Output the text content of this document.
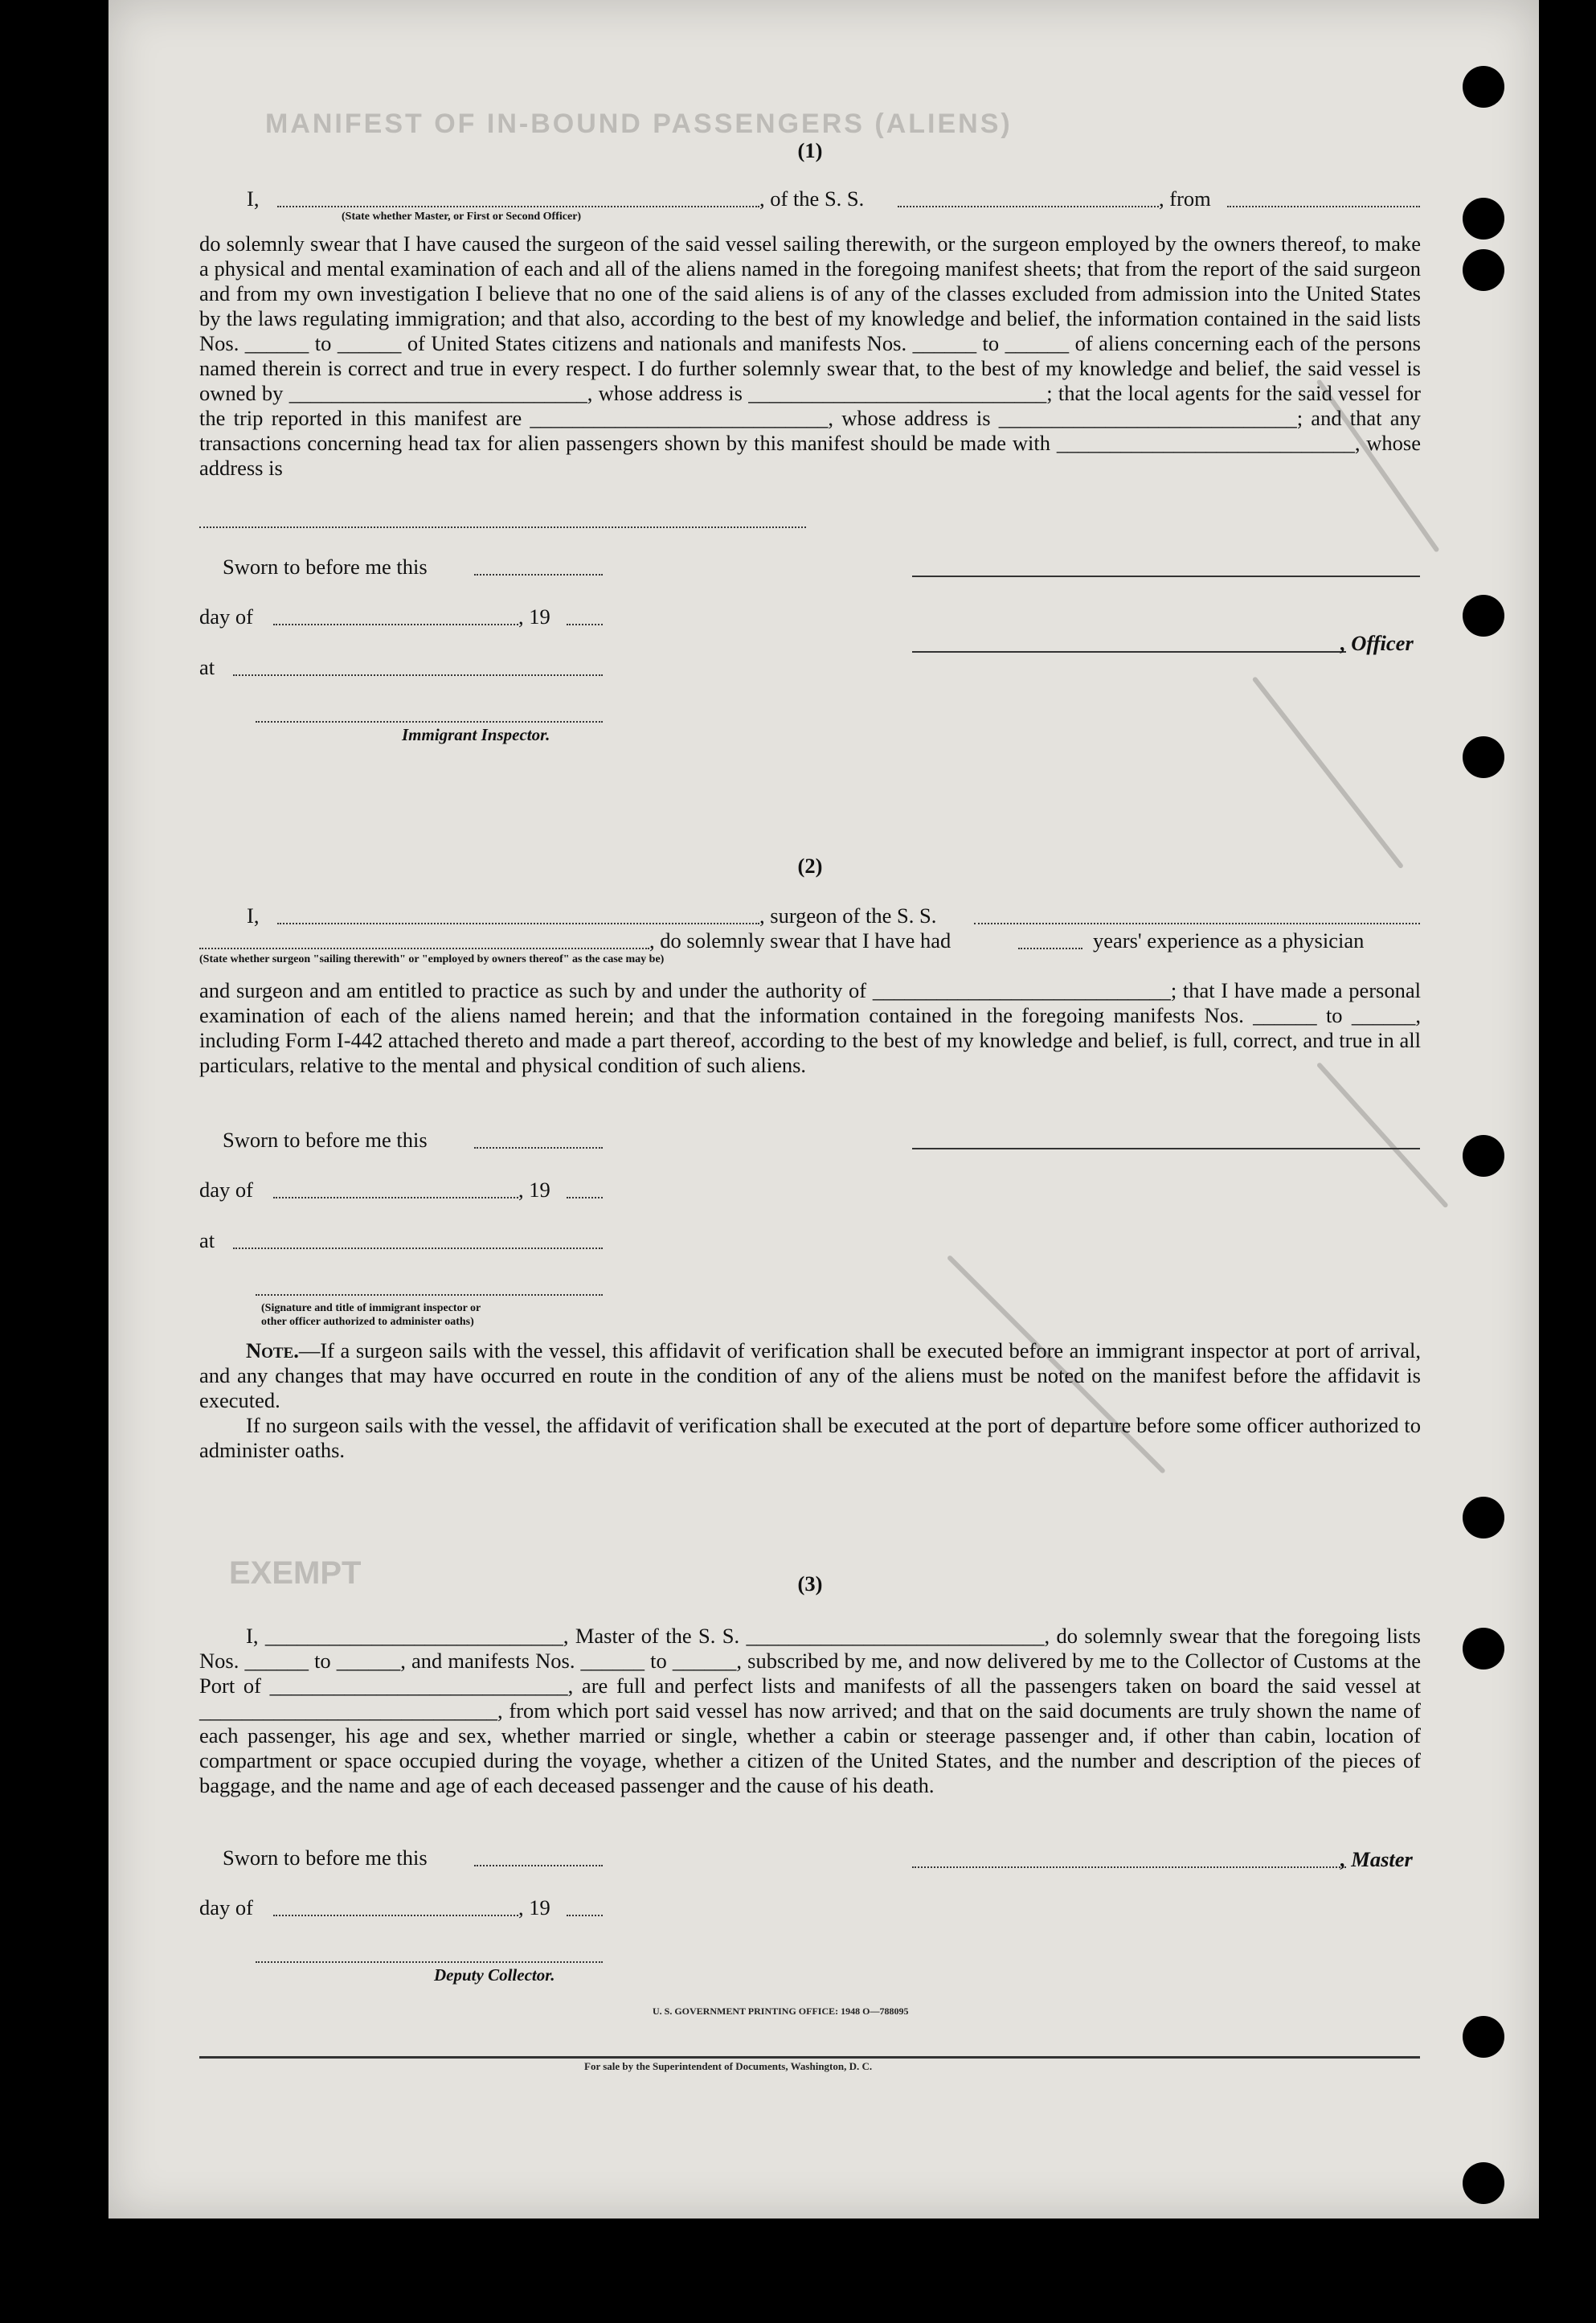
MANIFEST OF IN-BOUND PASSENGERS (ALIENS)
EXEMPT
(1)
I,	, of the S. S.	, from
(State whether Master, or First or Second Officer)
do solemnly swear that I have caused the surgeon of the said vessel sailing therewith, or the surgeon employed by the owners thereof, to make a physical and mental examination of each and all of the aliens named in the foregoing manifest sheets; that from the report of the said surgeon and from my own investigation I believe that no one of the said aliens is of any of the classes excluded from admission into the United States by the laws regulating immigration; and that also, according to the best of my knowledge and belief, the information contained in the said lists Nos. ______ to ______ of United States citizens and nationals and manifests Nos. ______ to ______ of aliens concerning each of the persons named therein is correct and true in every respect. I do further solemnly swear that, to the best of my knowledge and belief, the said vessel is owned by ____________________________, whose address is ____________________________; that the local agents for the said vessel for the trip reported in this manifest are ____________________________, whose address is ____________________________; and that any transactions concerning head tax for alien passengers shown by this manifest should be made with ____________________________, whose address is
Sworn to before me this
day of	, 19
at
Immigrant Inspector.
, Officer
(2)
I,	, surgeon of the S. S.
, do solemnly swear that I have had	years' experience as a physician
(State whether surgeon "sailing therewith" or "employed by owners thereof" as the case may be)
and surgeon and am entitled to practice as such by and under the authority of ____________________________; that I have made a personal examination of each of the aliens named herein; and that the information contained in the foregoing manifests Nos. ______ to ______, including Form I-442 attached thereto and made a part thereof, according to the best of my knowledge and belief, is full, correct, and true in all particulars, relative to the mental and physical condition of such aliens.
Sworn to before me this
day of	, 19
at
(Signature and title of immigrant inspector or
other officer authorized to administer oaths)
Note.—If a surgeon sails with the vessel, this affidavit of verification shall be executed before an immigrant inspector at port of arrival, and any changes that may have occurred en route in the condition of any of the aliens must be noted on the manifest before the affidavit is executed.
If no surgeon sails with the vessel, the affidavit of verification shall be executed at the port of departure before some officer authorized to administer oaths.
(3)
I, ____________________________, Master of the S. S. ____________________________, do solemnly swear that the foregoing lists Nos. ______ to ______, and manifests Nos. ______ to ______, subscribed by me, and now delivered by me to the Collector of Customs at the Port of ____________________________, are full and perfect lists and manifests of all the passengers taken on board the said vessel at ____________________________, from which port said vessel has now arrived; and that on the said documents are truly shown the name of each passenger, his age and sex, whether married or single, whether a cabin or steerage passenger and, if other than cabin, location of compartment or space occupied during the voyage, whether a citizen of the United States, and the number and description of the pieces of baggage, and the name and age of each deceased passenger and the cause of his death.
Sworn to before me this
day of	, 19
Deputy Collector.
, Master
U. S. GOVERNMENT PRINTING OFFICE: 1948 O—788095
For sale by the Superintendent of Documents, Washington, D. C.
